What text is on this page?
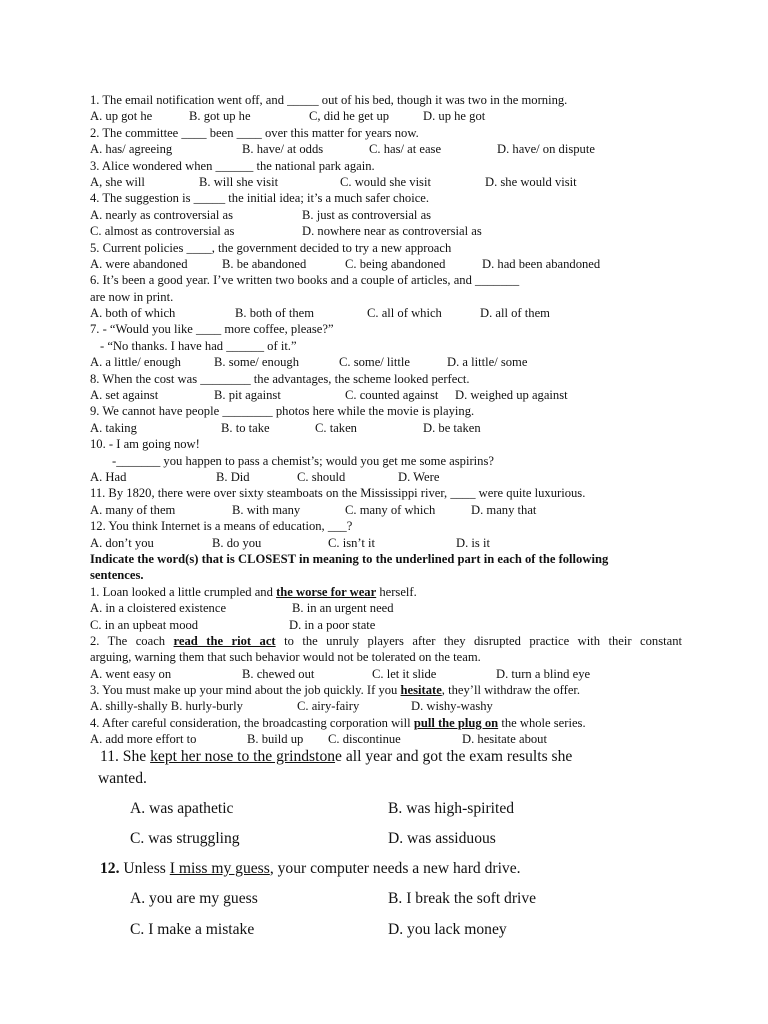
1. The email notification went off, and _____ out of his bed, though it was two in the morning.
A. up got he	B. got up he	C, did he get up	D. up he got
2. The committee ____ been ____ over this matter for years now.
A. has/ agreeing	B. have/ at odds	C. has/ at ease	D. have/ on dispute
3. Alice wondered when ______ the national park again.
A, she will	B. will she visit	C. would she visit	D. she would visit
4. The suggestion is _____ the initial idea; it’s a much safer choice.
A. nearly as controversial as	B. just as controversial as
C. almost as controversial as	D. nowhere near as controversial as
5. Current policies ____, the government decided to try a new approach
A. were abandoned	B. be abandoned	C. being abandoned	D. had been abandoned
6. It’s been a good year. I’ve written two books and a couple of articles, and _______
are now in print.
A. both of which	B. both of them	C. all of which	D. all of them
7. - “Would you like ____ more coffee, please?”
- “No thanks. I have had ______ of it.”
A. a little/ enough	B. some/ enough	C. some/ little	D. a little/ some
8. When the cost was ________ the advantages, the scheme looked perfect.
A. set against	B. pit against	C. counted against D. weighed up against
9. We cannot have people ________ photos here while the movie is playing.
A. taking	B. to take	C. taken	D. be taken
10. - I am going now!
-_______ you happen to pass a chemist’s; would you get me some aspirins?
A. Had	B. Did	C. should	D. Were
11. By 1820, there were over sixty steamboats on the Mississippi river, ____ were quite luxurious.
A. many of them	B. with many	C. many of which	D. many that
12. You think Internet is a means of education, ___?
A. don’t you	B. do you	C. isn’t it	D. is it
Indicate the word(s) that is CLOSEST in meaning to the underlined part in each of the following
sentences.
1. Loan looked a little crumpled and the worse for wear herself.
A. in a cloistered existence	B. in an urgent need
C. in an upbeat mood	D. in a poor state
2. The coach read the riot act to the unruly players after they disrupted practice with their constant
arguing, warning them that such behavior would not be tolerated on the team.
A. went easy on	B. chewed out	C. let it slide	D. turn a blind eye
3. You must make up your mind about the job quickly. If you hesitate, they’ll withdraw the offer.
A. shilly-shally B. hurly-burly	C. airy-fairy	D. wishy-washy
4. After careful consideration, the broadcasting corporation will pull the plug on the whole series.
A. add more effort to	B. build up C. discontinue	D. hesitate about
11. She kept her nose to the grindstone all year and got the exam results she
wanted.
A. was apathetic	B. was high-spirited
C. was struggling	D. was assiduous
12. Unless I miss my guess, your computer needs a new hard drive.
A. you are my guess	B. I break the soft drive
C. I make a mistake	D. you lack money
